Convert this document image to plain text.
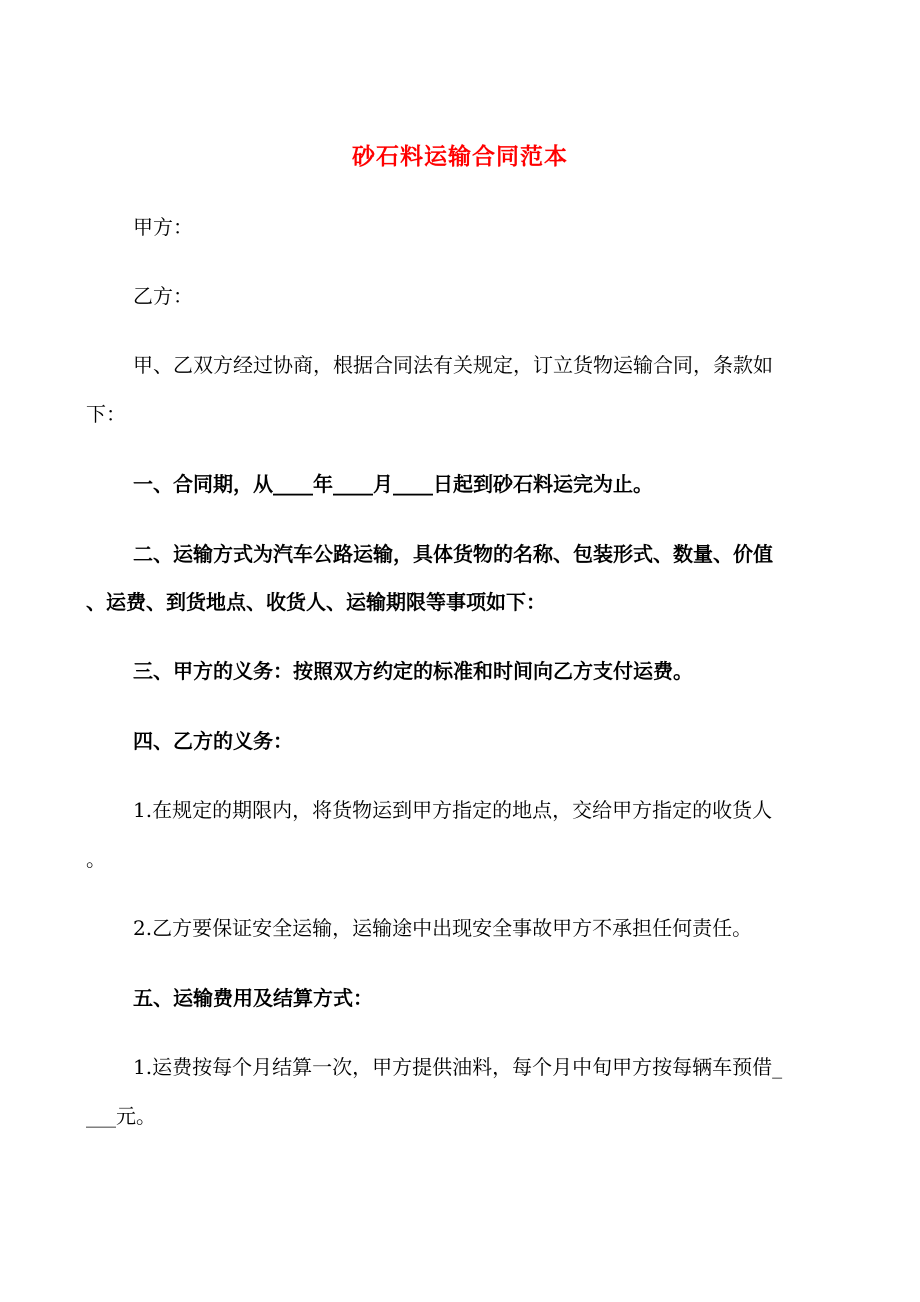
砂石料运输合同范本
甲方：
乙方：
甲、乙双方经过协商，根据合同法有关规定，订立货物运输合同，条款如
下：
一、合同期，从____年____月____日起到砂石料运完为止。
二、运输方式为汽车公路运输，具体货物的名称、包装形式、数量、价值
、运费、到货地点、收货人、运输期限等事项如下：
三、甲方的义务：按照双方约定的标准和时间向乙方支付运费。
四、乙方的义务：
1.在规定的期限内，将货物运到甲方指定的地点，交给甲方指定的收货人
。
2.乙方要保证安全运输，运输途中出现安全事故甲方不承担任何责任。
五、运输费用及结算方式：
1.运费按每个月结算一次，甲方提供油料，每个月中旬甲方按每辆车预借_
___元。
